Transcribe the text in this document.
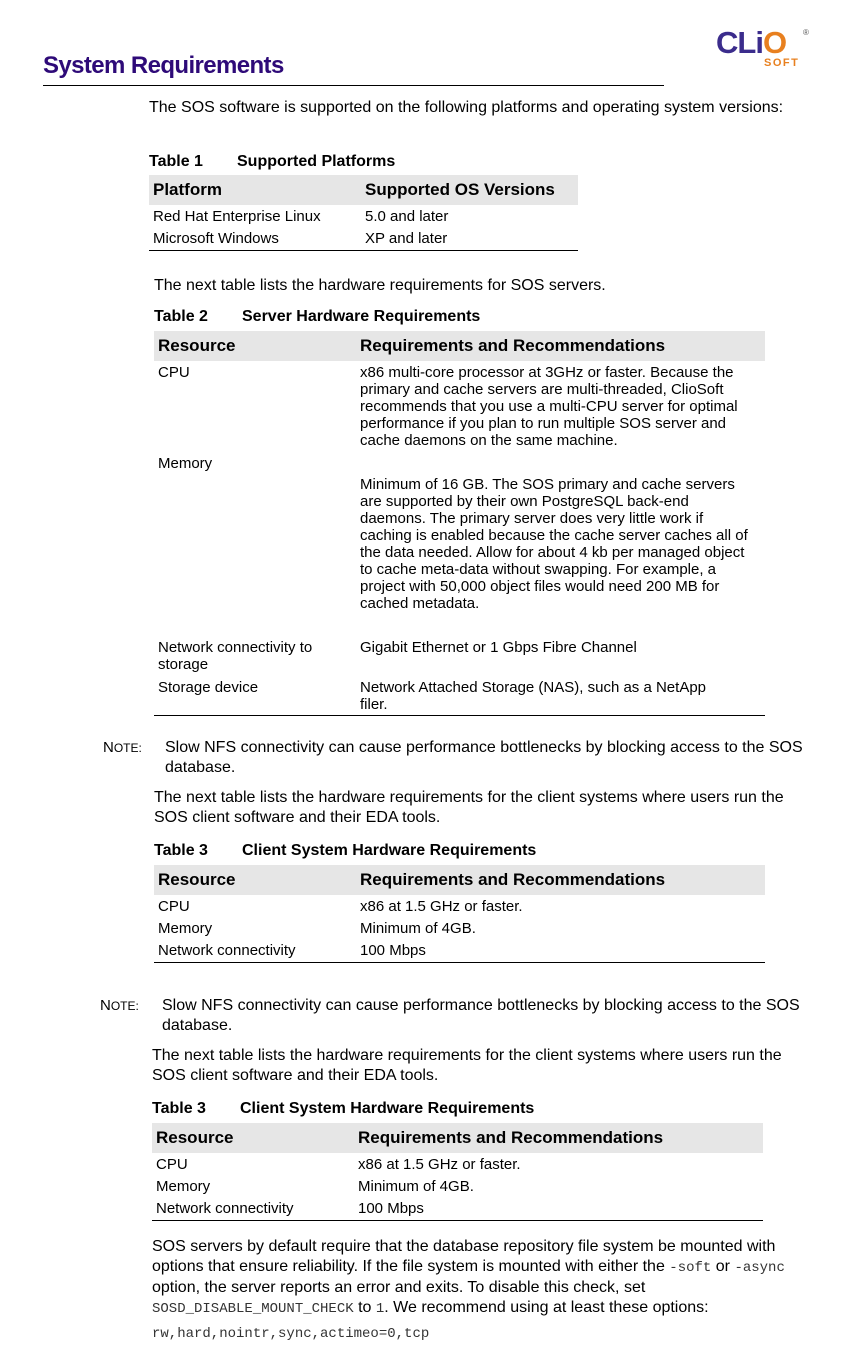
System Requirements
CLiO ®
SOFT
The SOS software is supported on the following platforms and operating system versions:
Table 1 Supported Platforms
Platform	Supported OS Versions
Red Hat Enterprise Linux	5.0 and later
Microsoft Windows	XP and later
The next table lists the hardware requirements for SOS servers.
Table 2 Server Hardware Requirements
Resource	Requirements and Recommendations
CPU	x86 multi-core processor at 3GHz or faster. Because the primary and cache servers are multi-threaded, ClioSoft recommends that you use a multi-CPU server for optimal performance if you plan to run multiple SOS server and cache daemons on the same machine.
Memory	Minimum of 16 GB. The SOS primary and cache servers are supported by their own PostgreSQL back-end daemons. The primary server does very little work if caching is enabled because the cache server caches all of the data needed. Allow for about 4 kb per managed object to cache meta-data without swapping. For example, a project with 50,000 object files would need 200 MB for cached metadata.
Network connectivity to storage	Gigabit Ethernet or 1 Gbps Fibre Channel
Storage device	Network Attached Storage (NAS), such as a NetApp filer.
NOTE: Slow NFS connectivity can cause performance bottlenecks by blocking access to the SOS database.
The next table lists the hardware requirements for the client systems where users run the SOS client software and their EDA tools.
Table 3 Client System Hardware Requirements
Resource	Requirements and Recommendations
CPU	x86 at 1.5 GHz or faster.
Memory	Minimum of 4GB.
Network connectivity	100 Mbps
NOTE: Slow NFS connectivity can cause performance bottlenecks by blocking access to the SOS database.
The next table lists the hardware requirements for the client systems where users run the SOS client software and their EDA tools.
Table 3 Client System Hardware Requirements
Resource	Requirements and Recommendations
CPU	x86 at 1.5 GHz or faster.
Memory	Minimum of 4GB.
Network connectivity	100 Mbps
SOS servers by default require that the database repository file system be mounted with options that ensure reliability. If the file system is mounted with either the -soft or -async option, the server reports an error and exits. To disable this check, set SOSD_DISABLE_MOUNT_CHECK to 1. We recommend using at least these options:
rw,hard,nointr,sync,actimeo=0,tcp
